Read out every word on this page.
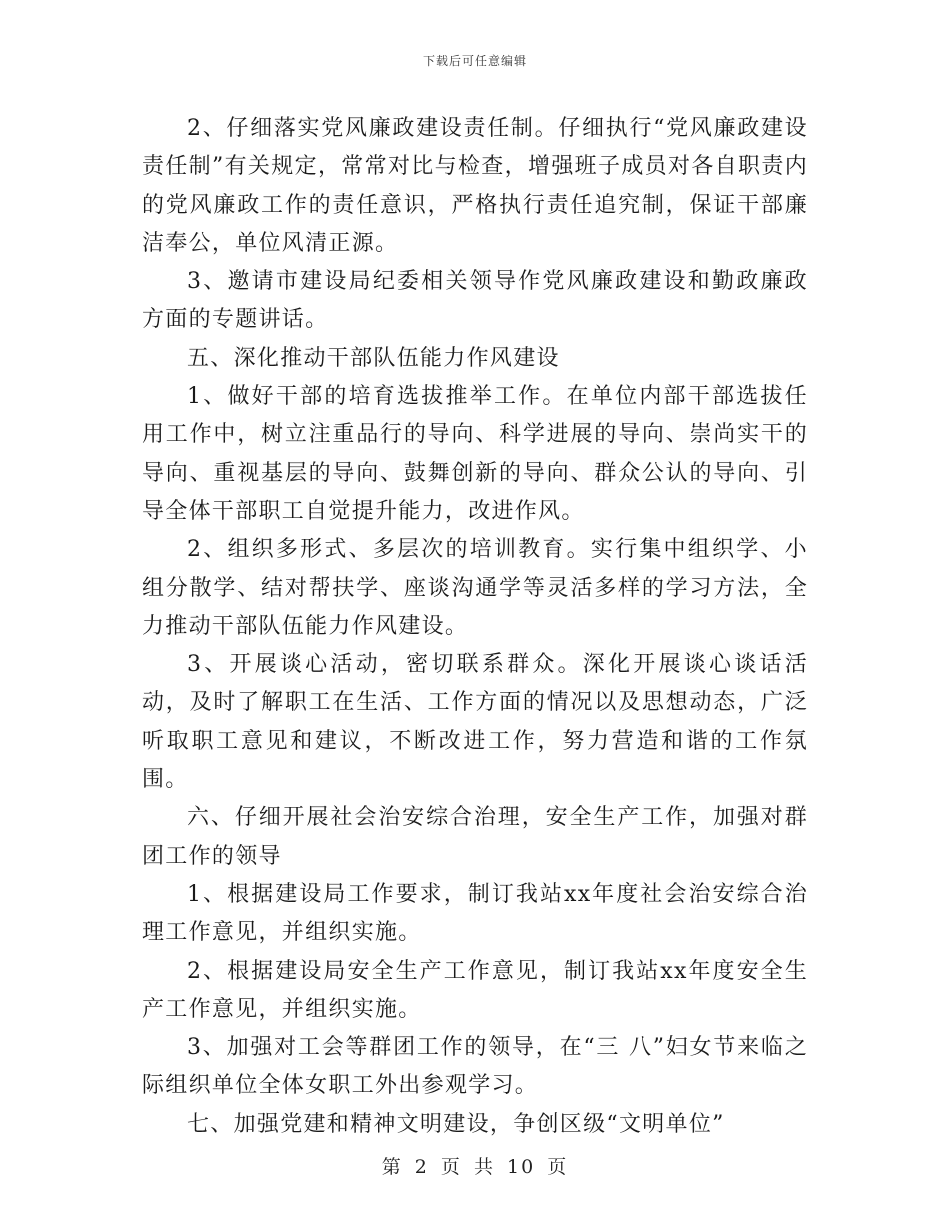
下载后可任意编辑

2、仔细落实党风廉政建设责任制。仔细执行“党风廉政建设责任制”有关规定，常常对比与检查，增强班子成员对各自职责内的党风廉政工作的责任意识，严格执行责任追究制，保证干部廉洁奉公，单位风清正源。

3、邀请市建设局纪委相关领导作党风廉政建设和勤政廉政方面的专题讲话。

五、深化推动干部队伍能力作风建设

1、做好干部的培育选拔推举工作。在单位内部干部选拔任用工作中，树立注重品行的导向、科学进展的导向、崇尚实干的导向、重视基层的导向、鼓舞创新的导向、群众公认的导向、引导全体干部职工自觉提升能力，改进作风。

2、组织多形式、多层次的培训教育。实行集中组织学、小组分散学、结对帮扶学、座谈沟通学等灵活多样的学习方法，全力推动干部队伍能力作风建设。

3、开展谈心活动，密切联系群众。深化开展谈心谈话活动，及时了解职工在生活、工作方面的情况以及思想动态，广泛听取职工意见和建议，不断改进工作，努力营造和谐的工作氛围。

六、仔细开展社会治安综合治理，安全生产工作，加强对群团工作的领导

1、根据建设局工作要求，制订我站xx年度社会治安综合治理工作意见，并组织实施。

2、根据建设局安全生产工作意见，制订我站xx年度安全生产工作意见，并组织实施。

3、加强对工会等群团工作的领导，在“三 八”妇女节来临之际组织单位全体女职工外出参观学习。

七、加强党建和精神文明建设，争创区级“文明单位”

第 2 页 共 10 页
